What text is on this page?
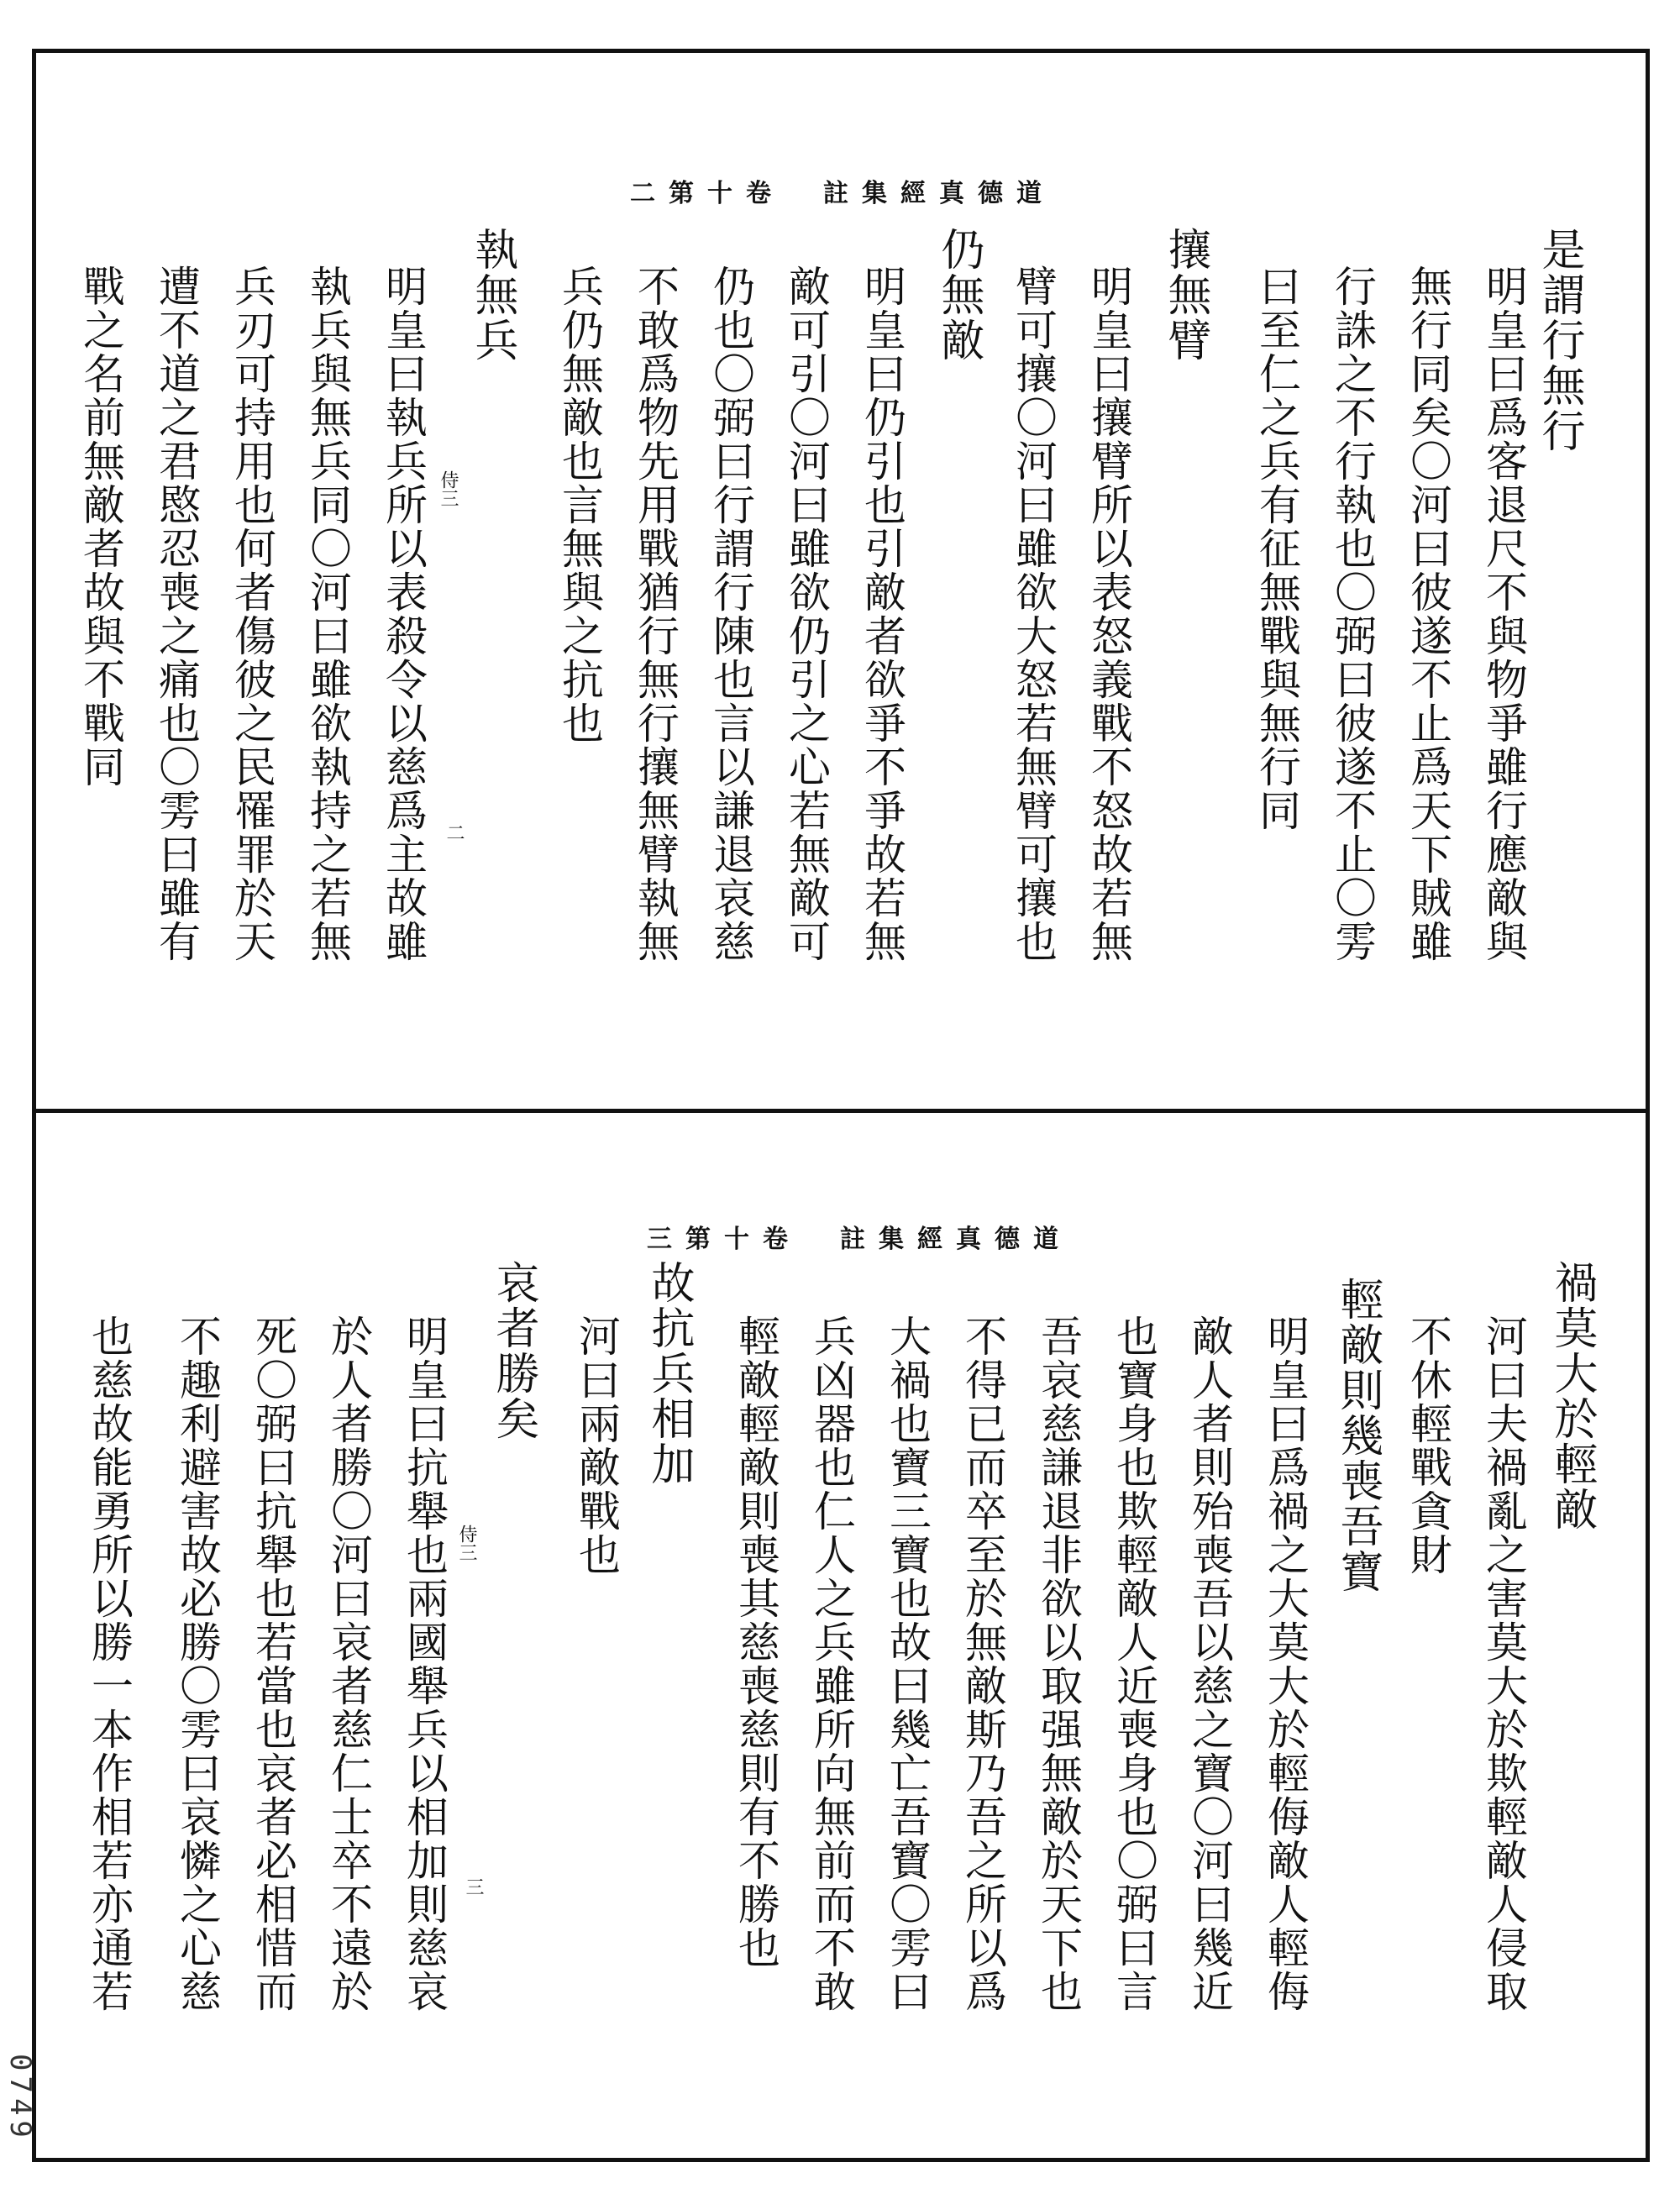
二第十卷　註集經真德道
是謂行無行
明皇曰爲客退尺不與物爭雖行應敵與
無行同矣〇河曰彼遂不止爲天下賊雖
行誅之不行執也〇弼曰彼遂不止〇雱
曰至仁之兵有征無戰與無行同
攘無臂
明皇曰攘臂所以表怒義戰不怒故若無
臂可攘〇河曰雖欲大怒若無臂可攘也
仍無敵
明皇曰仍引也引敵者欲爭不爭故若無
敵可引〇河曰雖欲仍引之心若無敵可
仍也〇弼曰行謂行陳也言以謙退哀慈
不敢爲物先用戰猶行無行攘無臂執無
兵仍無敵也言無與之抗也
執無兵
明皇曰執兵所以表殺令以慈爲主故雖
執兵與無兵同〇河曰雖欲執持之若無
兵刃可持用也何者傷彼之民罹罪於天
遭不道之君愍忍喪之痛也〇雱曰雖有
戰之名前無敵者故與不戰同	侍三
二
三第十卷　註集經真德道
禍莫大於輕敵
河曰夫禍亂之害莫大於欺輕敵人侵取
不休輕戰貪財
輕敵則幾喪吾寶
明皇曰爲禍之大莫大於輕侮敵人輕侮
敵人者則殆喪吾以慈之寶〇河曰幾近
也寶身也欺輕敵人近喪身也〇弼曰言
吾哀慈謙退非欲以取强無敵於天下也
不得已而卒至於無敵斯乃吾之所以爲
大禍也寶三寶也故曰幾亡吾寶〇雱曰
兵凶器也仁人之兵雖所向無前而不敢
輕敵輕敵則喪其慈喪慈則有不勝也
故抗兵相加
河曰兩敵戰也
哀者勝矣
明皇曰抗舉也兩國舉兵以相加則慈哀
於人者勝〇河曰哀者慈仁士卒不遠於
死〇弼曰抗舉也若當也哀者必相惜而
不趣利避害故必勝〇雱曰哀憐之心慈
也慈故能勇所以勝一本作相若亦通若	侍三
三
0749
